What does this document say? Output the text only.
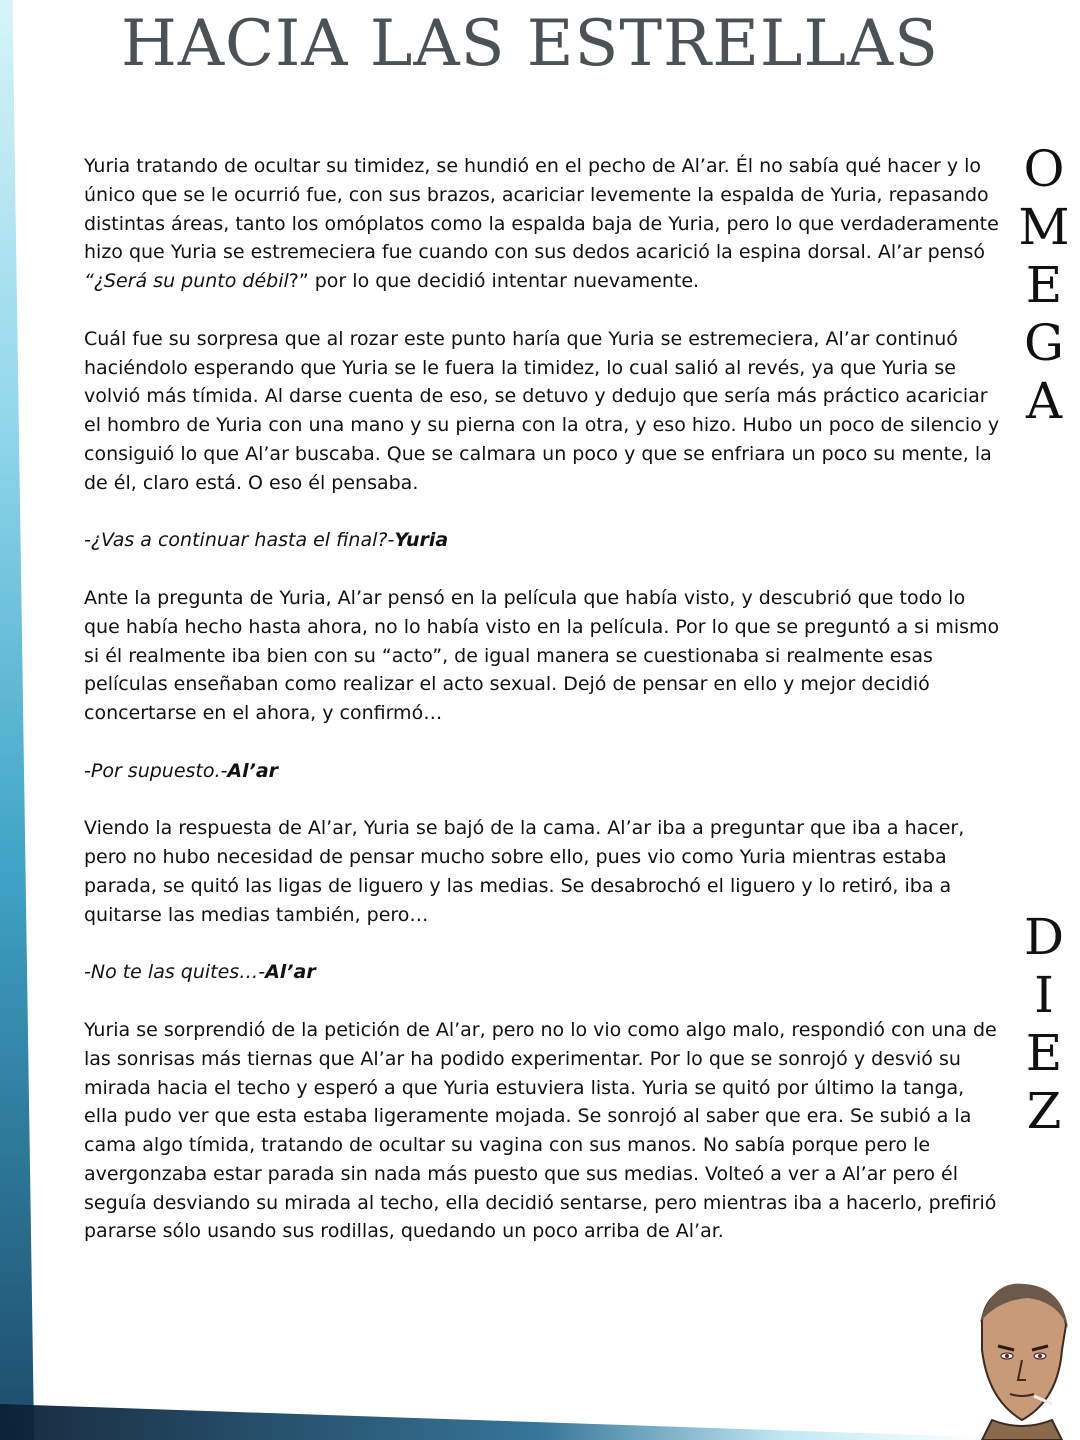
HACIA LAS ESTRELLAS
O
M
E
G
A
D
I
E
Z

Yuria tratando de ocultar su timidez, se hundió en el pecho de Al’ar. Él no sabía qué hacer y lo único que se le ocurrió fue, con sus brazos, acariciar levemente la espalda de Yuria, repasando distintas áreas, tanto los omóplatos como la espalda baja de Yuria, pero lo que verdaderamente hizo que Yuria se estremeciera fue cuando con sus dedos acarició la espina dorsal. Al’ar pensó “¿Será su punto débil?” por lo que decidió intentar nuevamente.

Cuál fue su sorpresa que al rozar este punto haría que Yuria se estremeciera, Al’ar continuó haciéndolo esperando que Yuria se le fuera la timidez, lo cual salió al revés, ya que Yuria se volvió más tímida. Al darse cuenta de eso, se detuvo y dedujo que sería más práctico acariciar el hombro de Yuria con una mano y su pierna con la otra, y eso hizo. Hubo un poco de silencio y consiguió lo que Al’ar buscaba. Que se calmara un poco y que se enfriara un poco su mente, la de él, claro está. O eso él pensaba.

-¿Vas a continuar hasta el final?-Yuria

Ante la pregunta de Yuria, Al’ar pensó en la película que había visto, y descubrió que todo lo que había hecho hasta ahora, no lo había visto en la película. Por lo que se preguntó a si mismo si él realmente iba bien con su “acto”, de igual manera se cuestionaba si realmente esas películas enseñaban como realizar el acto sexual. Dejó de pensar en ello y mejor decidió concertarse en el ahora, y confirmó…

-Por supuesto.-Al’ar

Viendo la respuesta de Al’ar, Yuria se bajó de la cama. Al’ar iba a preguntar que iba a hacer, pero no hubo necesidad de pensar mucho sobre ello, pues vio como Yuria mientras estaba parada, se quitó las ligas de liguero y las medias. Se desabrochó el liguero y lo retiró, iba a quitarse las medias también, pero…

-No te las quites…-Al’ar

Yuria se sorprendió de la petición de Al’ar, pero no lo vio como algo malo, respondió con una de las sonrisas más tiernas que Al’ar ha podido experimentar. Por lo que se sonrojó y desvió su mirada hacia el techo y esperó a que Yuria estuviera lista. Yuria se quitó por último la tanga, ella pudo ver que esta estaba ligeramente mojada. Se sonrojó al saber que era. Se subió a la cama algo tímida, tratando de ocultar su vagina con sus manos. No sabía porque pero le avergonzaba estar parada sin nada más puesto que sus medias. Volteó a ver a Al’ar pero él seguía desviando su mirada al techo, ella decidió sentarse, pero mientras iba a hacerlo, prefirió pararse sólo usando sus rodillas, quedando un poco arriba de Al’ar.
